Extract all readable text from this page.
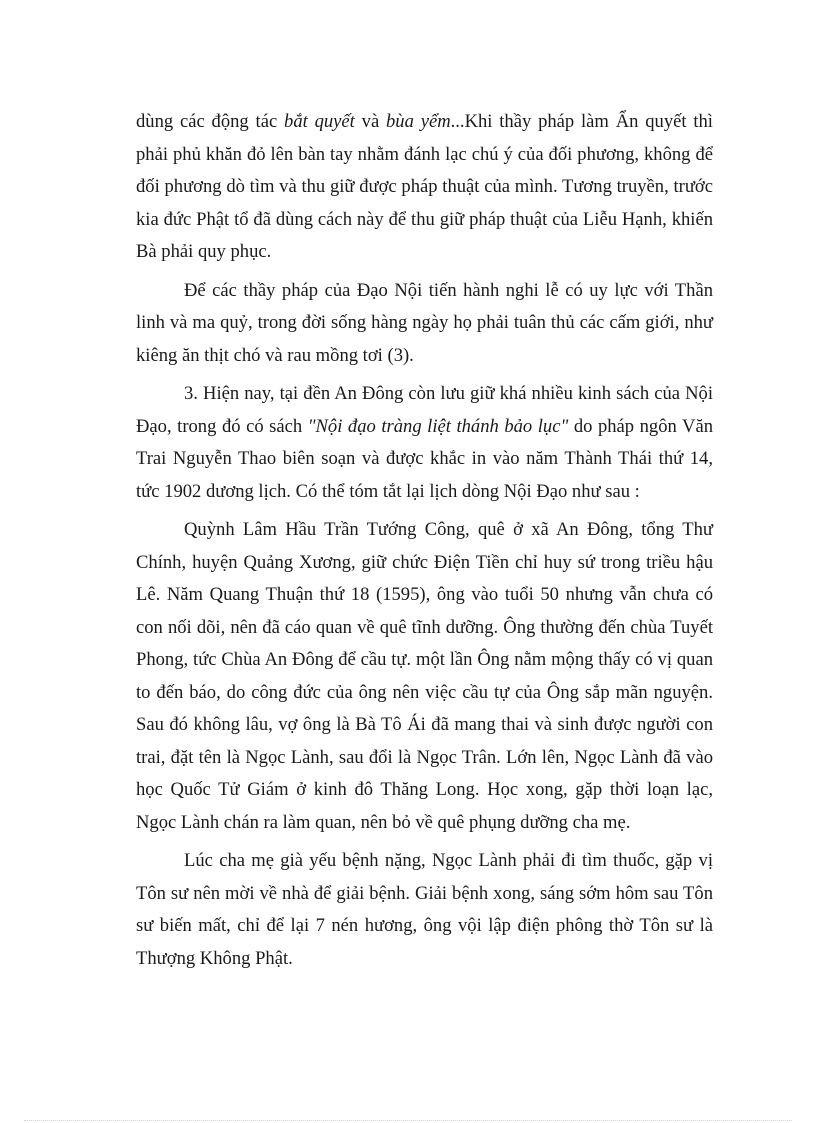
dùng các động tác bắt quyết và bùa yểm...Khi thầy pháp làm Ẩn quyết thì phải phủ khăn đỏ lên bàn tay nhằm đánh lạc chú ý của đối phương, không để đối phương dò tìm và thu giữ được pháp thuật của mình. Tương truyền, trước kia đức Phật tổ đã dùng cách này để thu giữ pháp thuật của Liễu Hạnh, khiến Bà phải quy phục.

Để các thầy pháp của Đạo Nội tiến hành nghi lễ có uy lực với Thần linh và ma quỷ, trong đời sống hàng ngày họ phải tuân thủ các cấm giới, như kiêng ăn thịt chó và rau mồng tơi (3).

3. Hiện nay, tại đền An Đông còn lưu giữ khá nhiều kinh sách của Nội Đạo, trong đó có sách "Nội đạo tràng liệt thánh bảo lục" do pháp ngôn Văn Trai Nguyễn Thao biên soạn và được khắc in vào năm Thành Thái thứ 14, tức 1902 dương lịch. Có thể tóm tắt lại lịch dòng Nội Đạo như sau :

Quỳnh Lâm Hầu Trần Tướng Công, quê ở xã An Đông, tổng Thư Chính, huyện Quảng Xương, giữ chức Điện Tiền chỉ huy sứ trong triều hậu Lê. Năm Quang Thuận thứ 18 (1595), ông vào tuổi 50 nhưng vẫn chưa có con nối dõi, nên đã cáo quan về quê tĩnh dưỡng. Ông thường đến chùa Tuyết Phong, tức Chùa An Đông để cầu tự. một lần Ông nằm mộng thấy có vị quan to đến báo, do công đức của ông nên việc cầu tự của Ông sắp mãn nguyện. Sau đó không lâu, vợ ông là Bà Tô Ái đã mang thai và sinh được người con trai, đặt tên là Ngọc Lành, sau đổi là Ngọc Trân. Lớn lên, Ngọc Lành đã vào học Quốc Tử Giám ở kinh đô Thăng Long. Học xong, gặp thời loạn lạc, Ngọc Lành chán ra làm quan, nên bỏ về quê phụng dưỡng cha mẹ.

Lúc cha mẹ già yếu bệnh nặng, Ngọc Lành phải đi tìm thuốc, gặp vị Tôn sư nên mời về nhà để giải bệnh. Giải bệnh xong, sáng sớm hôm sau Tôn sư biến mất, chỉ để lại 7 nén hương, ông vội lập điện phông thờ Tôn sư là Thượng Không Phật.
